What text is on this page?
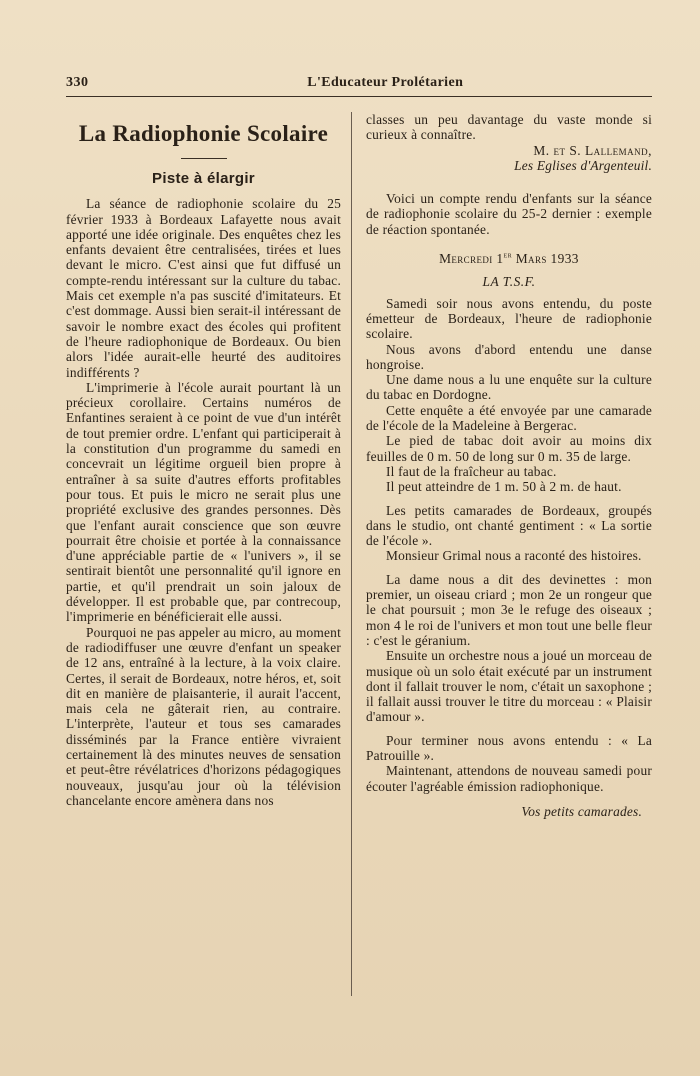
330	L'Educateur Prolétarien
La Radiophonie Scolaire
Piste à élargir

La séance de radiophonie scolaire du 25 février 1933 à Bordeaux Lafayette nous avait apporté une idée originale. Des enquêtes chez les enfants devaient être centralisées, tirées et lues devant le micro. C'est ainsi que fut diffusé un compte-rendu intéressant sur la culture du tabac. Mais cet exemple n'a pas suscité d'imitateurs. Et c'est dommage. Aussi bien serait-il intéressant de savoir le nombre exact des écoles qui profitent de l'heure radiophonique de Bordeaux. Ou bien alors l'idée aurait-elle heurté des auditoires indifférents ?

L'imprimerie à l'école aurait pourtant là un précieux corollaire. Certains numéros de Enfantines seraient à ce point de vue d'un intérêt de tout premier ordre. L'enfant qui participerait à la constitution d'un programme du samedi en concevrait un légitime orgueil bien propre à entraîner à sa suite d'autres efforts profitables pour tous. Et puis le micro ne serait plus une propriété exclusive des grandes personnes. Dès que l'enfant aurait conscience que son œuvre pourrait être choisie et portée à la connaissance d'une appréciable partie de « l'univers », il se sentirait bientôt une personnalité qu'il ignore en partie, et qu'il prendrait un soin jaloux de développer. Il est probable que, par contrecoup, l'imprimerie en bénéficierait elle aussi.

Pourquoi ne pas appeler au micro, au moment de radiodiffuser une œuvre d'enfant un speaker de 12 ans, entraîné à la lecture, à la voix claire. Certes, il serait de Bordeaux, notre héros, et, soit dit en manière de plaisanterie, il aurait l'accent, mais cela ne gâterait rien, au contraire. L'interprète, l'auteur et tous ses camarades disséminés par la France entière vivraient certainement là des minutes neuves de sensation et peut-être révélatrices d'horizons pédagogiques nouveaux, jusqu'au jour où la télévision chancelante encore amènera dans nos

classes un peu davantage du vaste monde si curieux à connaître.

M. et S. Lallemand,

Les Eglises d'Argenteuil.

Voici un compte rendu d'enfants sur la séance de radiophonie scolaire du 25-2 dernier : exemple de réaction spontanée.

Mercredi 1er Mars 1933
LA T.S.F.

Samedi soir nous avons entendu, du poste émetteur de Bordeaux, l'heure de radiophonie scolaire.

Nous avons d'abord entendu une danse hongroise.

Une dame nous a lu une enquête sur la culture du tabac en Dordogne.

Cette enquête a été envoyée par une camarade de l'école de la Madeleine à Bergerac.

Le pied de tabac doit avoir au moins dix feuilles de 0 m. 50 de long sur 0 m. 35 de large.

Il faut de la fraîcheur au tabac.

Il peut atteindre de 1 m. 50 à 2 m. de haut.

Les petits camarades de Bordeaux, groupés dans le studio, ont chanté gentiment : « La sortie de l'école ».

Monsieur Grimal nous a raconté des histoires.

La dame nous a dit des devinettes : mon premier, un oiseau criard ; mon 2e un rongeur que le chat poursuit ; mon 3e le refuge des oiseaux ; mon 4 le roi de l'univers et mon tout une belle fleur : c'est le géranium.

Ensuite un orchestre nous a joué un morceau de musique où un solo était exécuté par un instrument dont il fallait trouver le nom, c'était un saxophone ; il fallait aussi trouver le titre du morceau : « Plaisir d'amour ».

Pour terminer nous avons entendu : « La Patrouille ».

Maintenant, attendons de nouveau samedi pour écouter l'agréable émission radiophonique.

Vos petits camarades.
